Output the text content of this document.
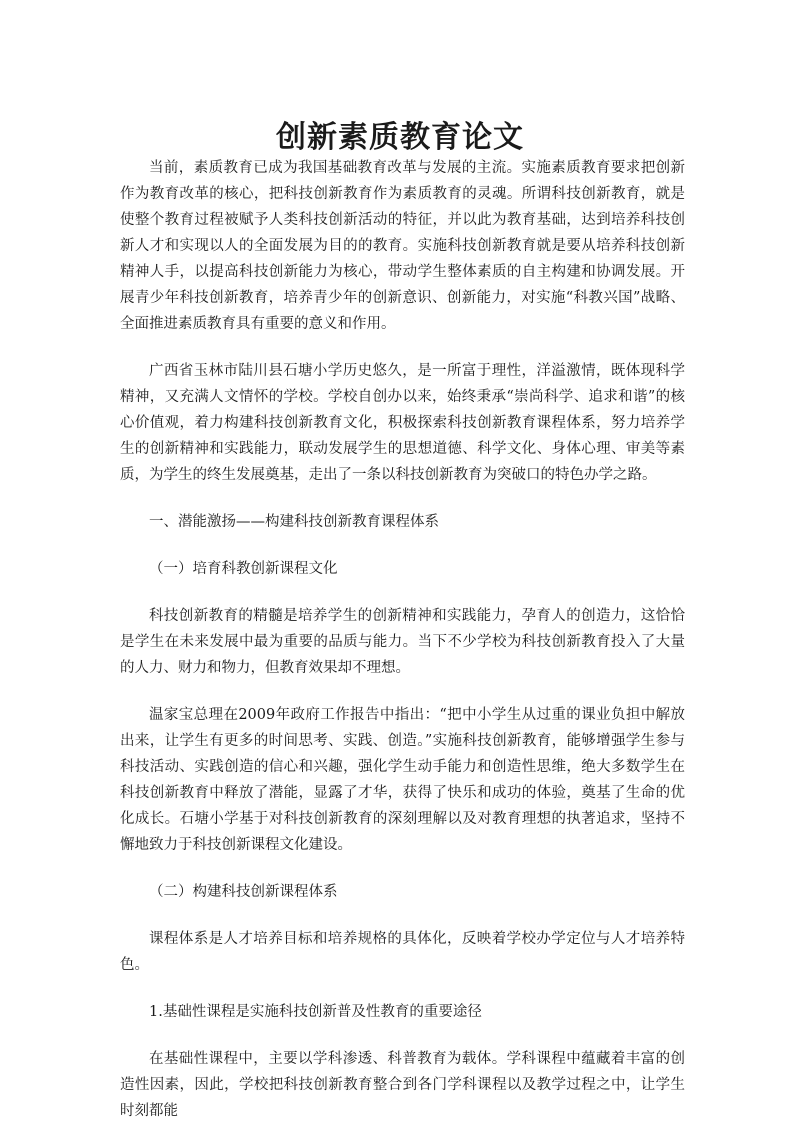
创新素质教育论文

当前，素质教育已成为我国基础教育改革与发展的主流。实施素质教育要求把创新作为教育改革的核心，把科技创新教育作为素质教育的灵魂。所谓科技创新教育，就是使整个教育过程被赋予人类科技创新活动的特征，并以此为教育基础，达到培养科技创新人才和实现以人的全面发展为目的的教育。实施科技创新教育就是要从培养科技创新精神人手，以提高科技创新能力为核心，带动学生整体素质的自主构建和协调发展。开展青少年科技创新教育，培养青少年的创新意识、创新能力，对实施“科教兴国”战略、全面推进素质教育具有重要的意义和作用。

广西省玉林市陆川县石塘小学历史悠久，是一所富于理性，洋溢激情，既体现科学精神，又充满人文情怀的学校。学校自创办以来，始终秉承“崇尚科学、追求和谐”的核心价值观，着力构建科技创新教育文化，积极探索科技创新教育课程体系，努力培养学生的创新精神和实践能力，联动发展学生的思想道德、科学文化、身体心理、审美等素质，为学生的终生发展奠基，走出了一条以科技创新教育为突破口的特色办学之路。

一、潜能激扬——构建科技创新教育课程体系

（一）培育科教创新课程文化

科技创新教育的精髓是培养学生的创新精神和实践能力，孕育人的创造力，这恰恰是学生在未来发展中最为重要的品质与能力。当下不少学校为科技创新教育投入了大量的人力、财力和物力，但教育效果却不理想。

温家宝总理在2009年政府工作报告中指出：“把中小学生从过重的课业负担中解放出来，让学生有更多的时间思考、实践、创造。”实施科技创新教育，能够增强学生参与科技活动、实践创造的信心和兴趣，强化学生动手能力和创造性思维，绝大多数学生在科技创新教育中释放了潜能，显露了才华，获得了快乐和成功的体验，奠基了生命的优化成长。石塘小学基于对科技创新教育的深刻理解以及对教育理想的执著追求，坚持不懈地致力于科技创新课程文化建设。

（二）构建科技创新课程体系

课程体系是人才培养目标和培养规格的具体化，反映着学校办学定位与人才培养特色。

1.基础性课程是实施科技创新普及性教育的重要途径

在基础性课程中，主要以学科渗透、科普教育为载体。学科课程中蕴藏着丰富的创造性因素，因此，学校把科技创新教育整合到各门学科课程以及教学过程之中，让学生时刻都能
